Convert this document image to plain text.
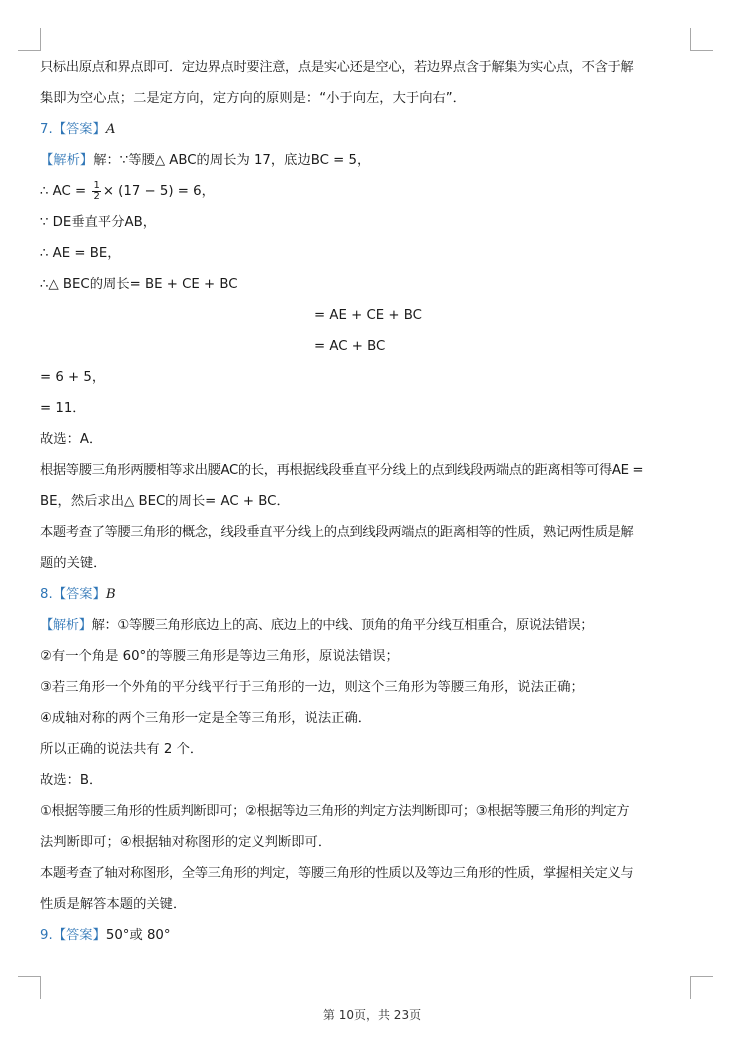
只标出原点和界点即可．定边界点时要注意，点是实心还是空心，若边界点含于解集为实心点，不含于解
集即为空心点；二是定方向，定方向的原则是：“小于向左，大于向右”．
7.【答案】A
【解析】解：∵等腰△ ABC的周长为 17，底边BC = 5，
∴ AC = $\frac{1}{2} \times (17 - 5) = 6$，
∵ DE垂直平分AB，
∴ AE = BE，
∴△ BEC的周长= BE + CE + BC
= AE + CE + BC
= AC + BC
= 6 + 5，
= 11．
故选：A．
根据等腰三角形两腰相等求出腰AC的长，再根据线段垂直平分线上的点到线段两端点的距离相等可得AE =
BE，然后求出△ BEC的周长= AC + BC．
本题考查了等腰三角形的概念，线段垂直平分线上的点到线段两端点的距离相等的性质，熟记两性质是解
题的关键．
8.【答案】B
【解析】解：①等腰三角形底边上的高、底边上的中线、顶角的角平分线互相重合，原说法错误；
②有一个角是 60°的等腰三角形是等边三角形，原说法错误；
③若三角形一个外角的平分线平行于三角形的一边，则这个三角形为等腰三角形，说法正确；
④成轴对称的两个三角形一定是全等三角形，说法正确．
所以正确的说法共有 2 个．
故选：B．
①根据等腰三角形的性质判断即可；②根据等边三角形的判定方法判断即可；③根据等腰三角形的判定方
法判断即可；④根据轴对称图形的定义判断即可．
本题考查了轴对称图形，全等三角形的判定，等腰三角形的性质以及等边三角形的性质，掌握相关定义与
性质是解答本题的关键．
9.【答案】50°或 80°
第 10页，共 23页
